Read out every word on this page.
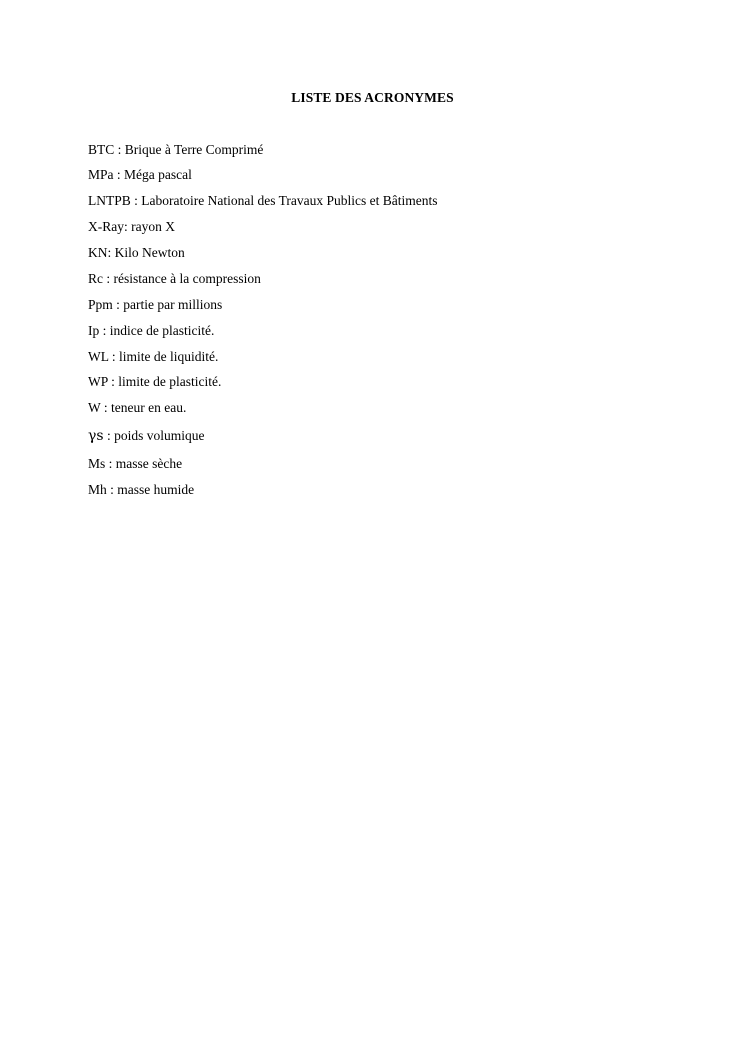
LISTE DES ACRONYMES
BTC : Brique à Terre Comprimé
MPa : Méga pascal
LNTPB : Laboratoire National des Travaux Publics et Bâtiments
X-Ray: rayon X
KN: Kilo Newton
Rc : résistance à la compression
Ppm : partie par millions
Ip : indice de plasticité.
WL : limite de liquidité.
WP : limite de plasticité.
W : teneur en eau.
γs : poids volumique
Ms : masse sèche
Mh : masse humide
